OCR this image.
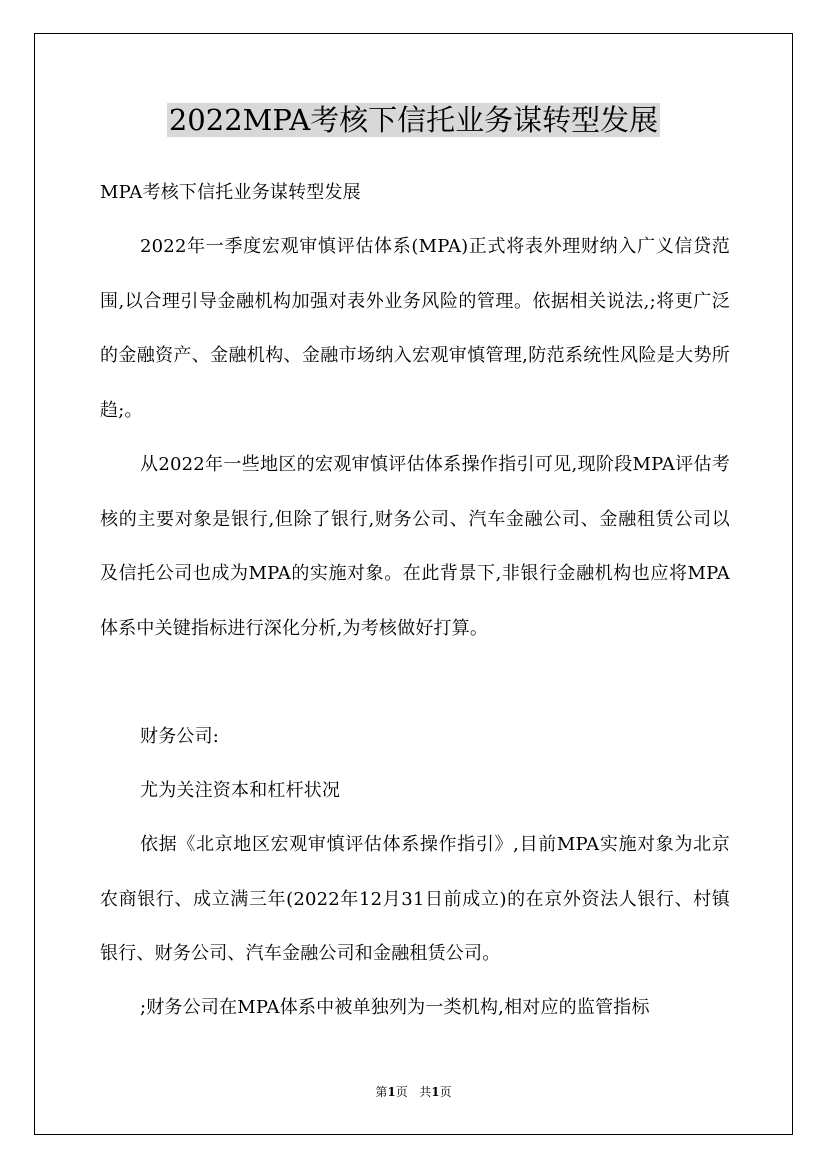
2022MPA考核下信托业务谋转型发展

MPA考核下信托业务谋转型发展

2022年一季度宏观审慎评估体系(MPA)正式将表外理财纳入广义信贷范围,以合理引导金融机构加强对表外业务风险的管理。依据相关说法,;将更广泛的金融资产、金融机构、金融市场纳入宏观审慎管理,防范系统性风险是大势所趋;。

从2022年一些地区的宏观审慎评估体系操作指引可见,现阶段MPA评估考核的主要对象是银行,但除了银行,财务公司、汽车金融公司、金融租赁公司以及信托公司也成为MPA的实施对象。在此背景下,非银行金融机构也应将MPA体系中关键指标进行深化分析,为考核做好打算。

财务公司:

尤为关注资本和杠杆状况

依据《北京地区宏观审慎评估体系操作指引》,目前MPA实施对象为北京农商银行、成立满三年(2022年12月31日前成立)的在京外资法人银行、村镇银行、财务公司、汽车金融公司和金融租赁公司。

;财务公司在MPA体系中被单独列为一类机构,相对应的监管指标

第1页   共1页
